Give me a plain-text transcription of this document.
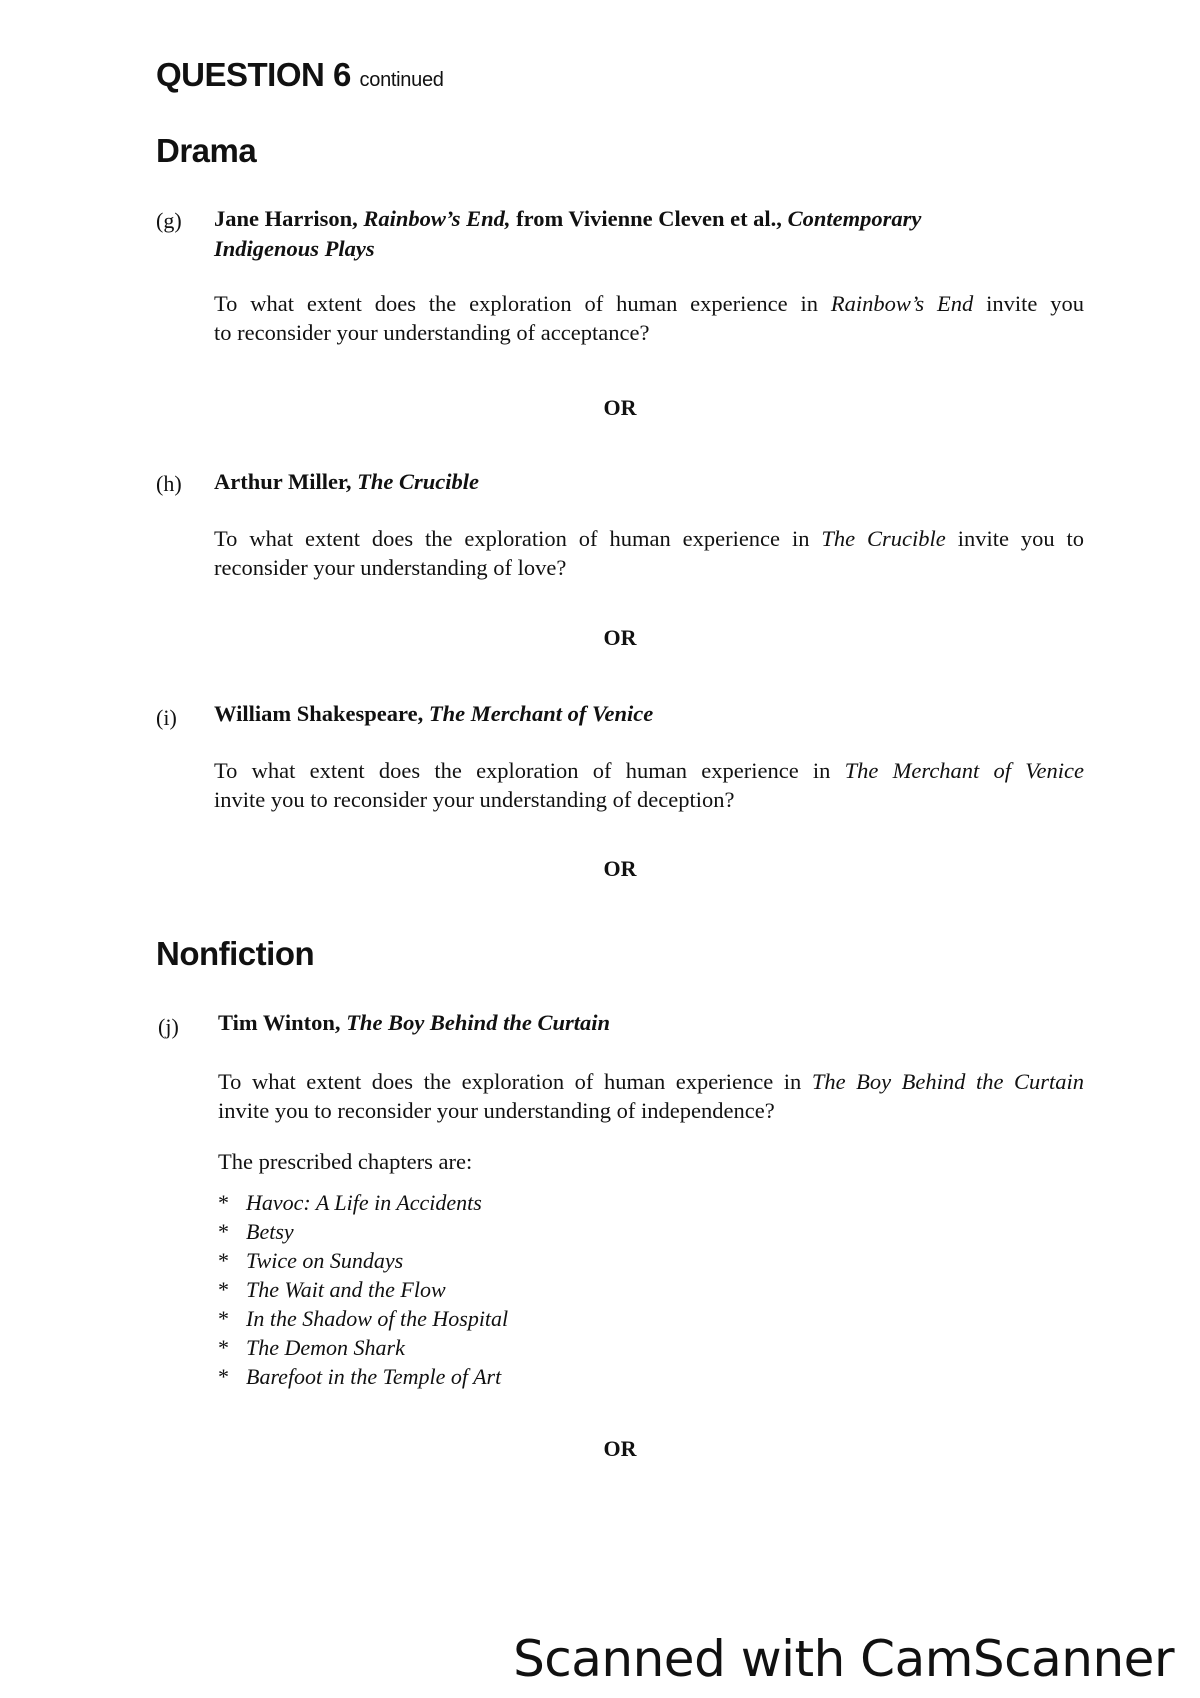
QUESTION 6 continued
Drama
(g) Jane Harrison, Rainbow’s End, from Vivienne Cleven et al., Contemporary
Indigenous Plays
To what extent does the exploration of human experience in Rainbow’s End invite you
to reconsider your understanding of acceptance?
OR
(h) Arthur Miller, The Crucible
To what extent does the exploration of human experience in The Crucible invite you to
reconsider your understanding of love?
OR
(i) William Shakespeare, The Merchant of Venice
To what extent does the exploration of human experience in The Merchant of Venice
invite you to reconsider your understanding of deception?
OR
Nonfiction
(j) Tim Winton, The Boy Behind the Curtain
To what extent does the exploration of human experience in The Boy Behind the Curtain
invite you to reconsider your understanding of independence?
The prescribed chapters are:
* Havoc: A Life in Accidents
* Betsy
* Twice on Sundays
* The Wait and the Flow
* In the Shadow of the Hospital
* The Demon Shark
* Barefoot in the Temple of Art
OR
Scanned with CamScanner
